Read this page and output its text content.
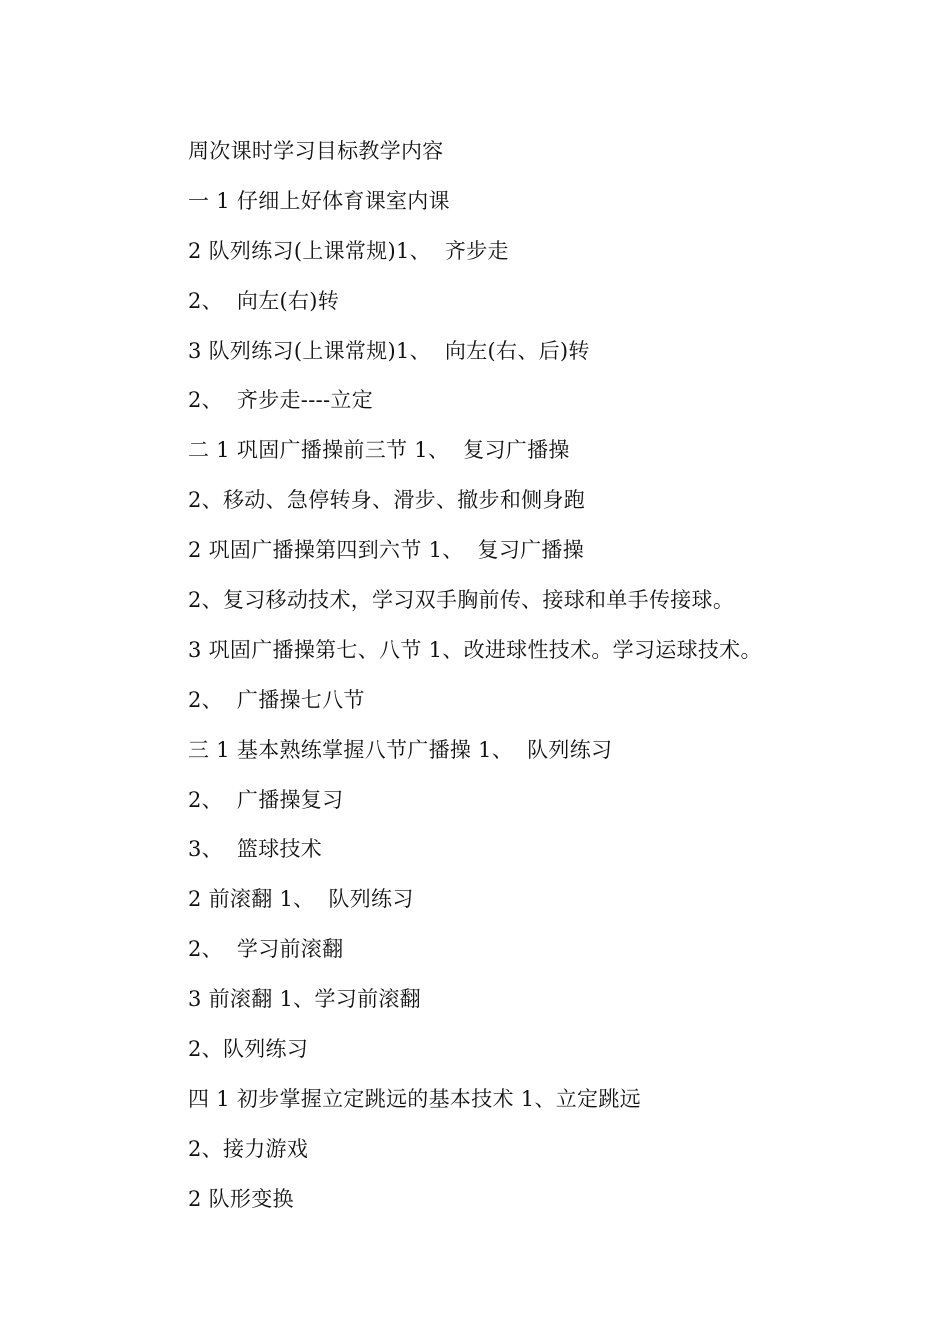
周次课时学习目标教学内容
一 1 仔细上好体育课室内课
2 队列练习(上课常规)1、  齐步走
2、  向左(右)转
3 队列练习(上课常规)1、  向左(右、后)转
2、  齐步走----立定
二 1 巩固广播操前三节 1、  复习广播操
2、移动、急停转身、滑步、撤步和侧身跑
2 巩固广播操第四到六节 1、  复习广播操
2、复习移动技术，学习双手胸前传、接球和单手传接球。
3 巩固广播操第七、八节 1、改进球性技术。学习运球技术。
2、  广播操七八节
三 1 基本熟练掌握八节广播操 1、  队列练习
2、  广播操复习
3、  篮球技术
2 前滚翻 1、  队列练习
2、  学习前滚翻
3 前滚翻 1、学习前滚翻
2、队列练习
四 1 初步掌握立定跳远的基本技术 1、立定跳远
2、接力游戏
2 队形变换
